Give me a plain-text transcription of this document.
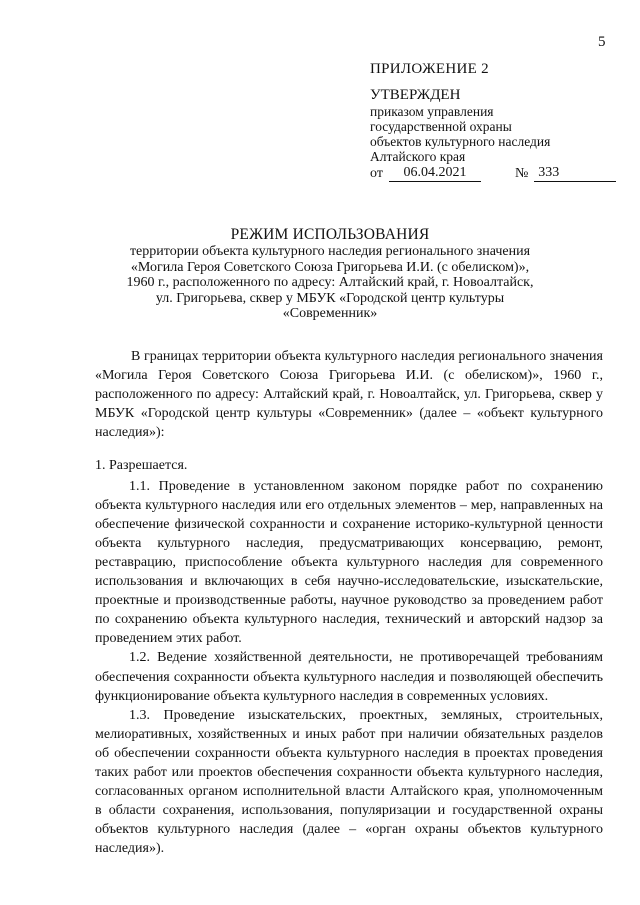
5
ПРИЛОЖЕНИЕ 2
УТВЕРЖДЕН
приказом управления
государственной охраны
объектов культурного наследия
Алтайского края
от	06.04.2021	№ 333
РЕЖИМ ИСПОЛЬЗОВАНИЯ
территории объекта культурного наследия регионального значения
«Могила Героя Советского Союза Григорьева И.И. (с обелиском)»,
1960 г., расположенного по адресу: Алтайский край, г. Новоалтайск,
ул. Григорьева, сквер у МБУК «Городской центр культуры
«Современник»

В границах территории объекта культурного наследия регионального значения «Могила Героя Советского Союза Григорьева И.И. (с обелиском)», 1960 г., расположенного по адресу: Алтайский край, г. Новоалтайск, ул. Григорьева, сквер у МБУК «Городской центр культуры «Современник» (далее – «объект культурного наследия»):

1. Разрешается.

1.1. Проведение в установленном законом порядке работ по сохранению объекта культурного наследия или его отдельных элементов – мер, направленных на обеспечение физической сохранности и сохранение историко-культурной ценности объекта культурного наследия, предусматривающих консервацию, ремонт, реставрацию, приспособление объекта культурного наследия для современного использования и включающих в себя научно-исследовательские, изыскательские, проектные и производственные работы, научное руководство за проведением работ по сохранению объекта культурного наследия, технический и авторский надзор за проведением этих работ.

1.2. Ведение хозяйственной деятельности, не противоречащей требованиям обеспечения сохранности объекта культурного наследия и позволяющей обеспечить функционирование объекта культурного наследия в современных условиях.

1.3. Проведение изыскательских, проектных, земляных, строительных, мелиоративных, хозяйственных и иных работ при наличии обязательных разделов об обеспечении сохранности объекта культурного наследия в проектах проведения таких работ или проектов обеспечения сохранности объекта культурного наследия, согласованных органом исполнительной власти Алтайского края, уполномоченным в области сохранения, использования, популяризации и государственной охраны объектов культурного наследия (далее – «орган охраны объектов культурного наследия»).
